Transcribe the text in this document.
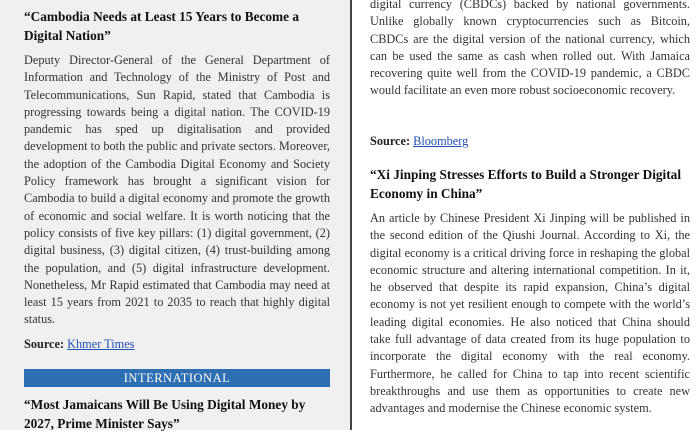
“Cambodia Needs at Least 15 Years to Become a Digital Nation”

Deputy Director-General of the General Department of Information and Technology of the Ministry of Post and Telecommunications, Sun Rapid, stated that Cambodia is progressing towards being a digital nation. The COVID-19 pandemic has sped up digitalisation and provided development to both the public and private sectors. Moreover, the adoption of the Cambodia Digital Economy and Society Policy framework has brought a significant vision for Cambodia to build a digital economy and promote the growth of economic and social welfare. It is worth noticing that the policy consists of five key pillars: (1) digital government, (2) digital business, (3) digital citizen, (4) trust-building among the population, and (5) digital infrastructure development. Nonetheless, Mr Rapid estimated that Cambodia may need at least 15 years from 2021 to 2035 to reach that highly digital status.

Source: Khmer Times

INTERNATIONAL

“Most Jamaicans Will Be Using Digital Money by 2027, Prime Minister Says”

digital currency (CBDCs) backed by national governments. Unlike globally known cryptocurrencies such as Bitcoin, CBDCs are the digital version of the national currency, which can be used the same as cash when rolled out. With Jamaica recovering quite well from the COVID-19 pandemic, a CBDC would facilitate an even more robust socioeconomic recovery.

Source: Bloomberg

“Xi Jinping Stresses Efforts to Build a Stronger Digital Economy in China”

An article by Chinese President Xi Jinping will be published in the second edition of the Qiushi Journal. According to Xi, the digital economy is a critical driving force in reshaping the global economic structure and altering international competition. In it, he observed that despite its rapid expansion, China’s digital economy is not yet resilient enough to compete with the world’s leading digital economies. He also noticed that China should take full advantage of data created from its huge population to incorporate the digital economy with the real economy. Furthermore, he called for China to tap into recent scientific breakthroughs and use them as opportunities to create new advantages and modernise the Chinese economic system.
